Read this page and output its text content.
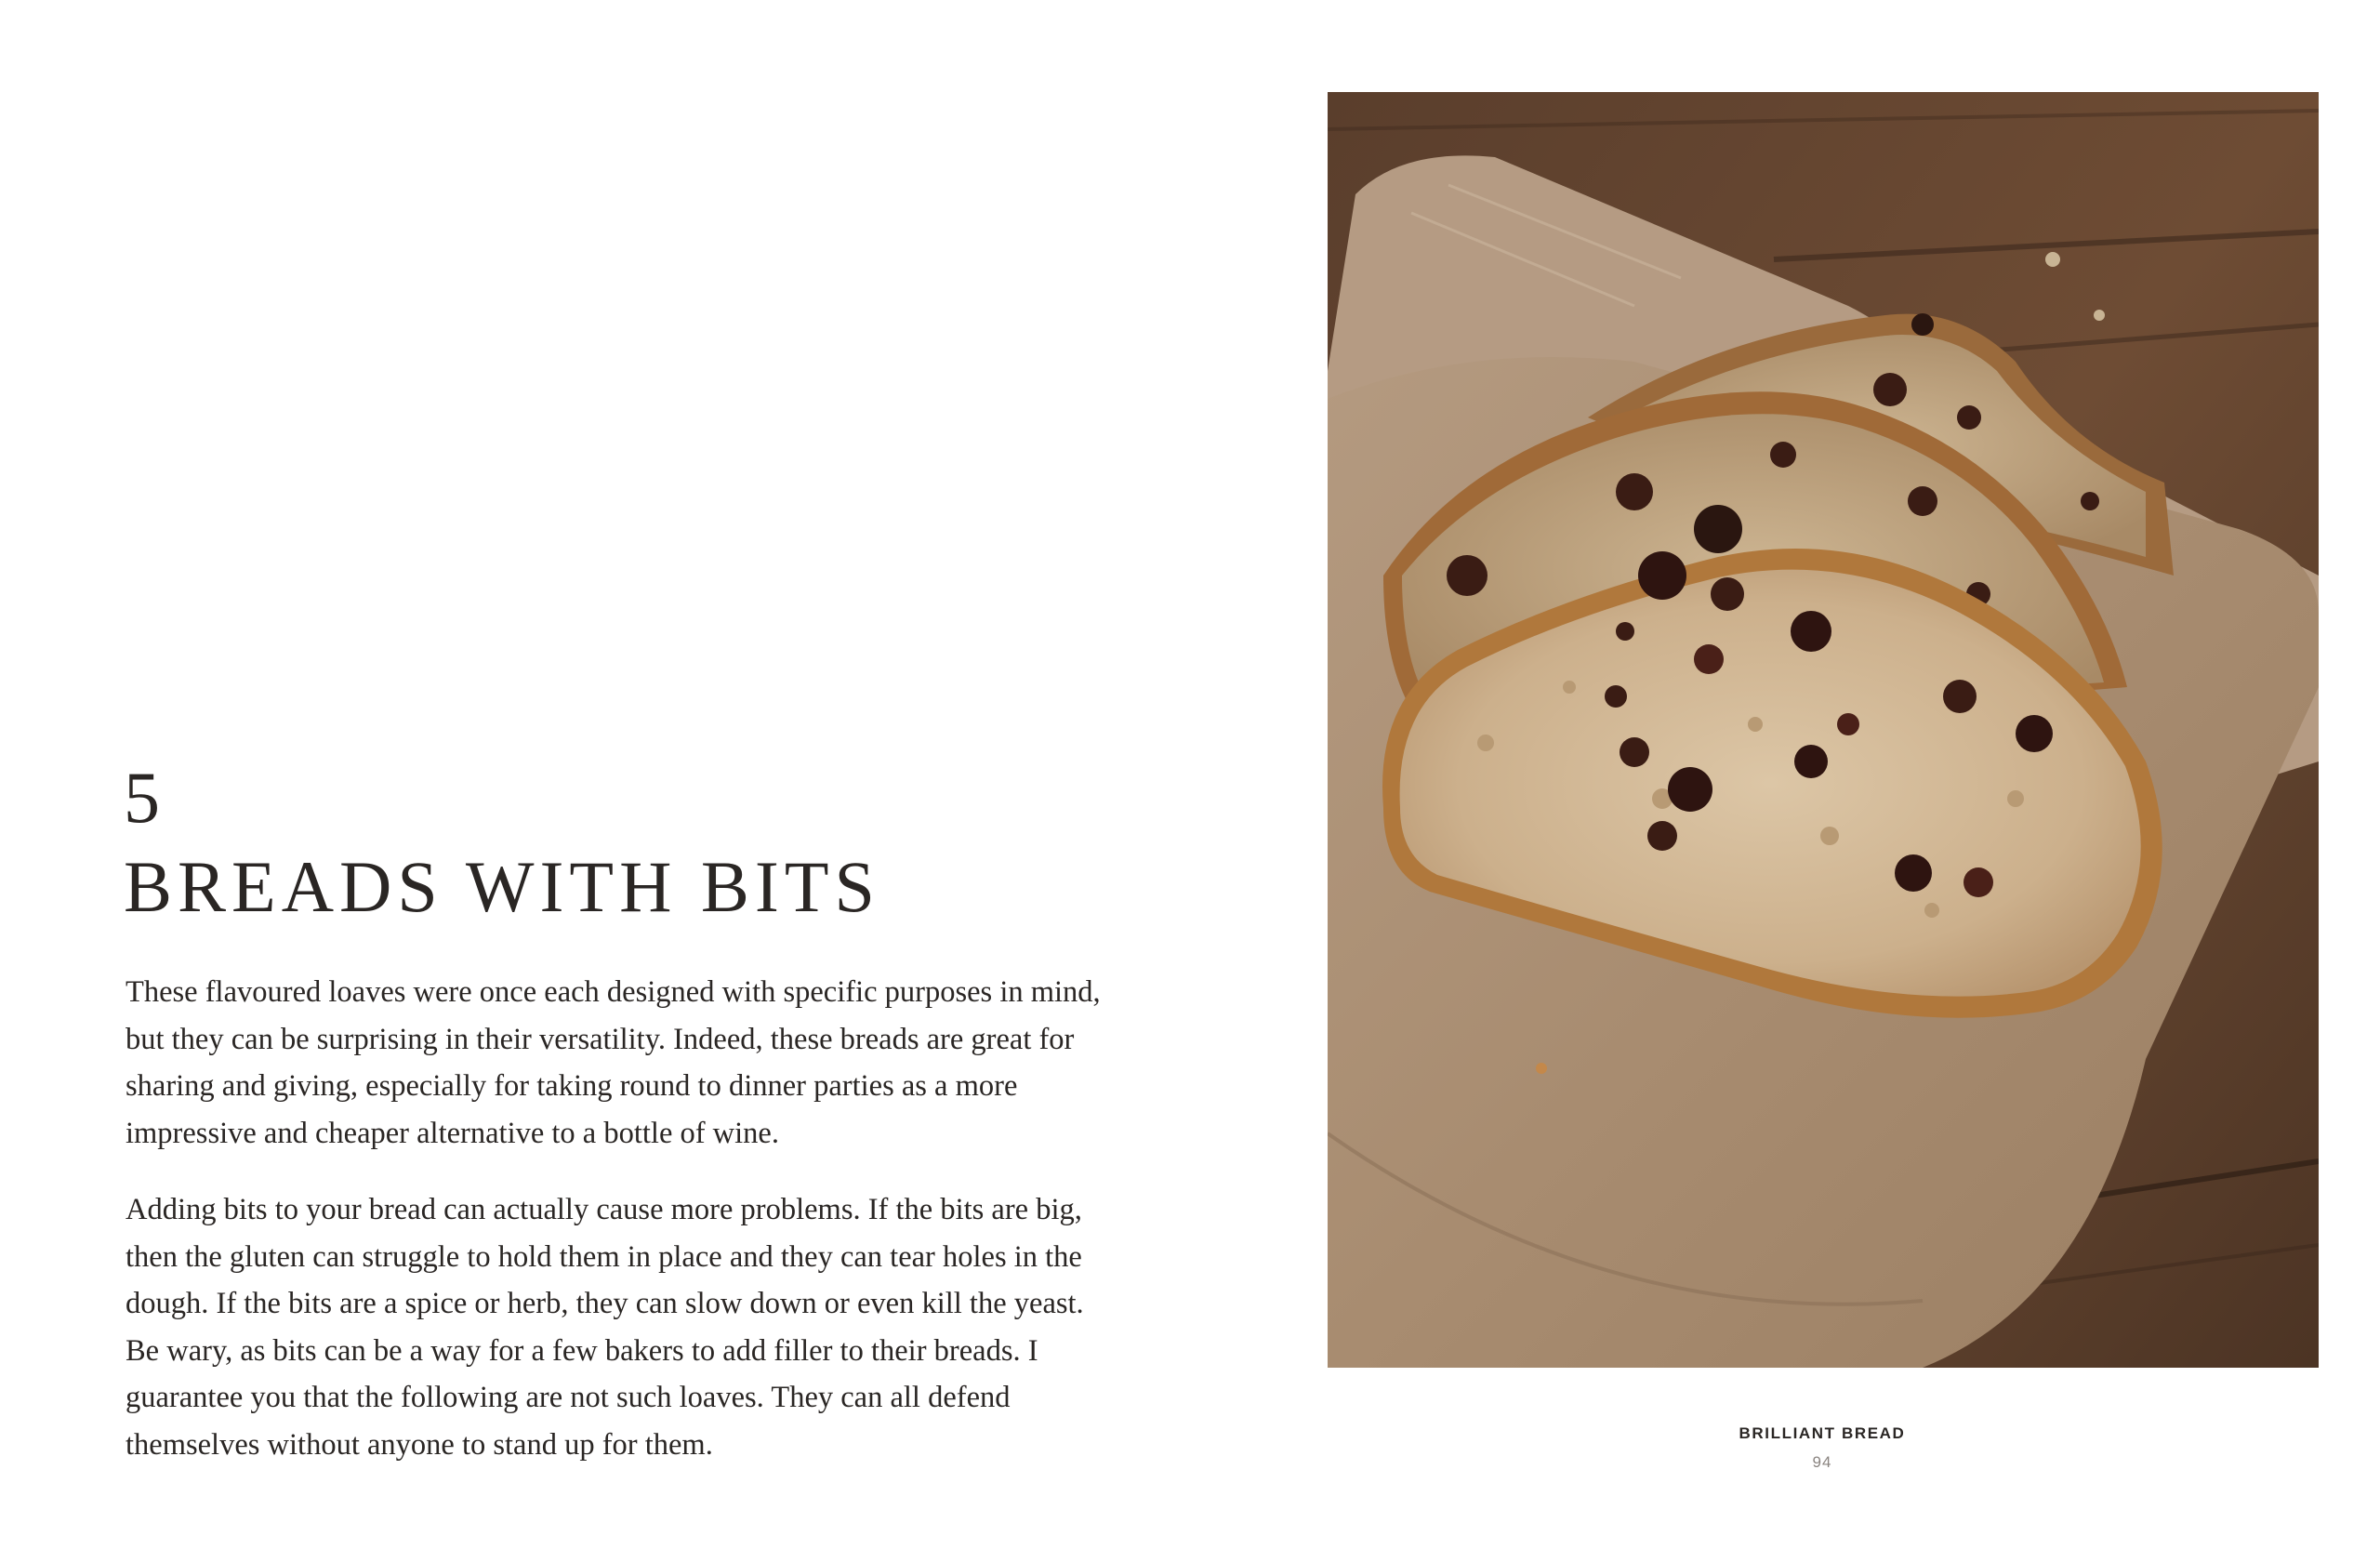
5
BREADS WITH BITS

These flavoured loaves were once each designed with specific purposes in mind, but they can be surprising in their versatility. Indeed, these breads are great for sharing and giving, especially for taking round to dinner parties as a more impressive and cheaper alternative to a bottle of wine.

Adding bits to your bread can actually cause more problems. If the bits are big, then the gluten can struggle to hold them in place and they can tear holes in the dough. If the bits are a spice or herb, they can slow down or even kill the yeast. Be wary, as bits can be a way for a few bakers to add filler to their breads. I guarantee you that the following are not such loaves. They can all defend themselves without anyone to stand up for them.	BRILLIANT BREAD
94
